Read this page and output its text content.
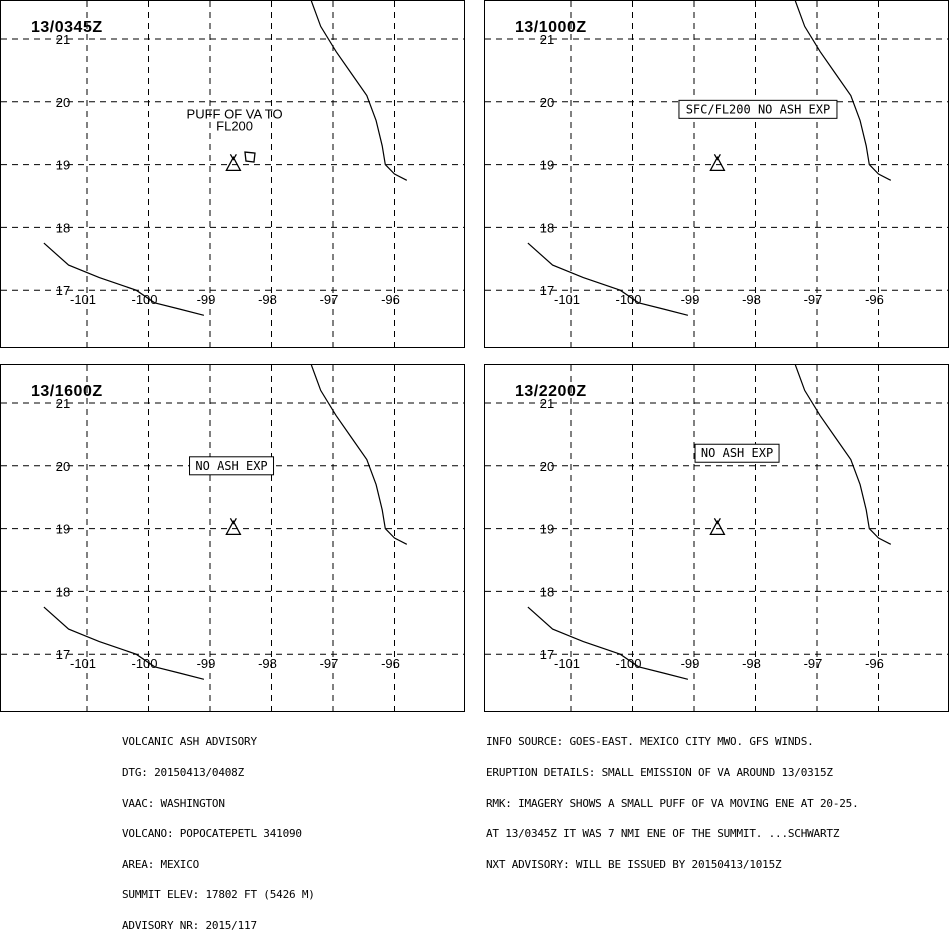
21
20
19
18
17
-101	-100	-99	-98	-97	-96
PUFF OF VA TO
FL200
13/0345Z
21
20
19
18
17
-101	-100	-99	-98	-97	-96
SFC/FL200 NO ASH EXP
13/1000Z
21
20
19
18
17
-101	-100	-99	-98	-97	-96
NO ASH EXP
13/1600Z
21
20
19
18
17
-101	-100	-99	-98	-97	-96
NO ASH EXP
13/2200Z

VOLCANIC ASH ADVISORY

DTG: 20150413/0408Z

VAAC: WASHINGTON

VOLCANO: POPOCATEPETL 341090

AREA: MEXICO

SUMMIT ELEV: 17802 FT (5426 M)

ADVISORY NR: 2015/117

INFO SOURCE: GOES-EAST. MEXICO CITY MWO. GFS WINDS.

ERUPTION DETAILS: SMALL EMISSION OF VA AROUND 13/0315Z

RMK: IMAGERY SHOWS A SMALL PUFF OF VA MOVING ENE AT 20-25.

AT 13/0345Z IT WAS 7 NMI ENE OF THE SUMMIT. ...SCHWARTZ

NXT ADVISORY: WILL BE ISSUED BY 20150413/1015Z
